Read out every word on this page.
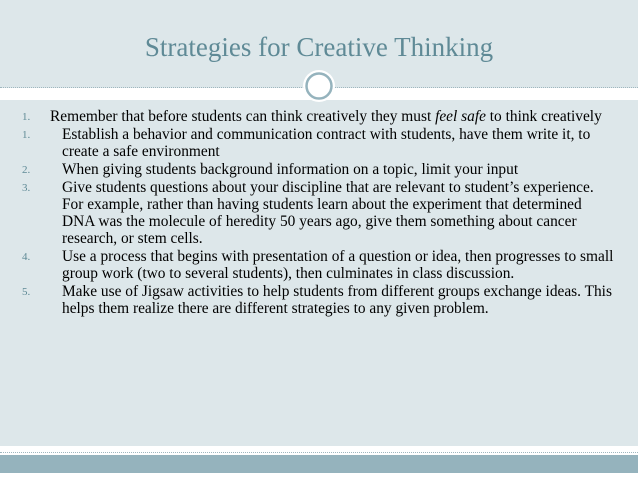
Strategies for Creative Thinking
1.	Remember that before students can think creatively they must feel safe to think creatively
1.	Establish a behavior and communication contract with students, have them write it, to create a safe environment
2.	When giving students background information on a topic, limit your input
3.	Give students questions about your discipline that are relevant to student’s experience. For example, rather than having students learn about the experiment that determined DNA was the molecule of heredity 50 years ago, give them something about cancer research, or stem cells.
4.	Use a process that begins with presentation of a question or idea, then progresses to small group work (two to several students), then culminates in class discussion.
5.	Make use of Jigsaw activities to help students from different groups exchange ideas. This helps them realize there are different strategies to any given problem.
